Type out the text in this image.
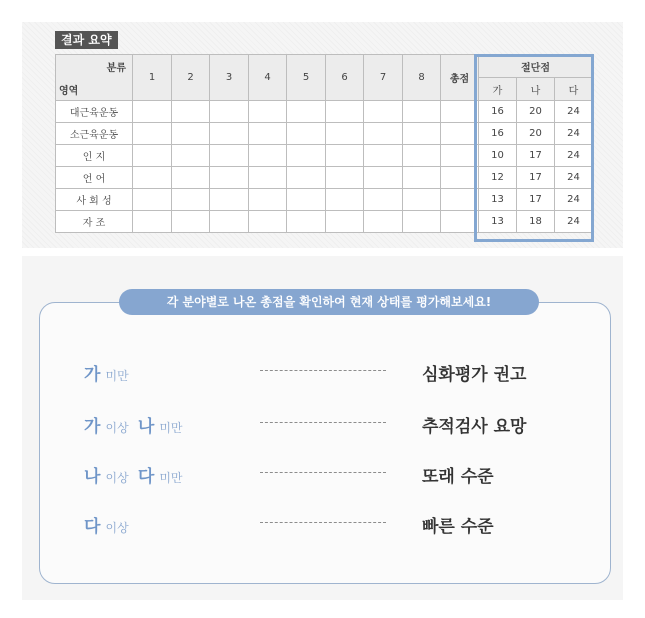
결과 요약
분류
영역	1	2	3	4	5	6	7	8	총점	절단점		
										가	나	다
대근육운동										16	20	24
소근육운동										16	20	24
인 지										10	17	24
언 어										12	17	24
사 회 성										13	17	24
자 조										13	18	24
각 분야별로 나온 총점을 확인하여 현재 상태를 평가해보세요!
가 미만	심화평가 권고
가 이상 나 미만	추적검사 요망
나 이상 다 미만	또래 수준
다 이상	빠른 수준
